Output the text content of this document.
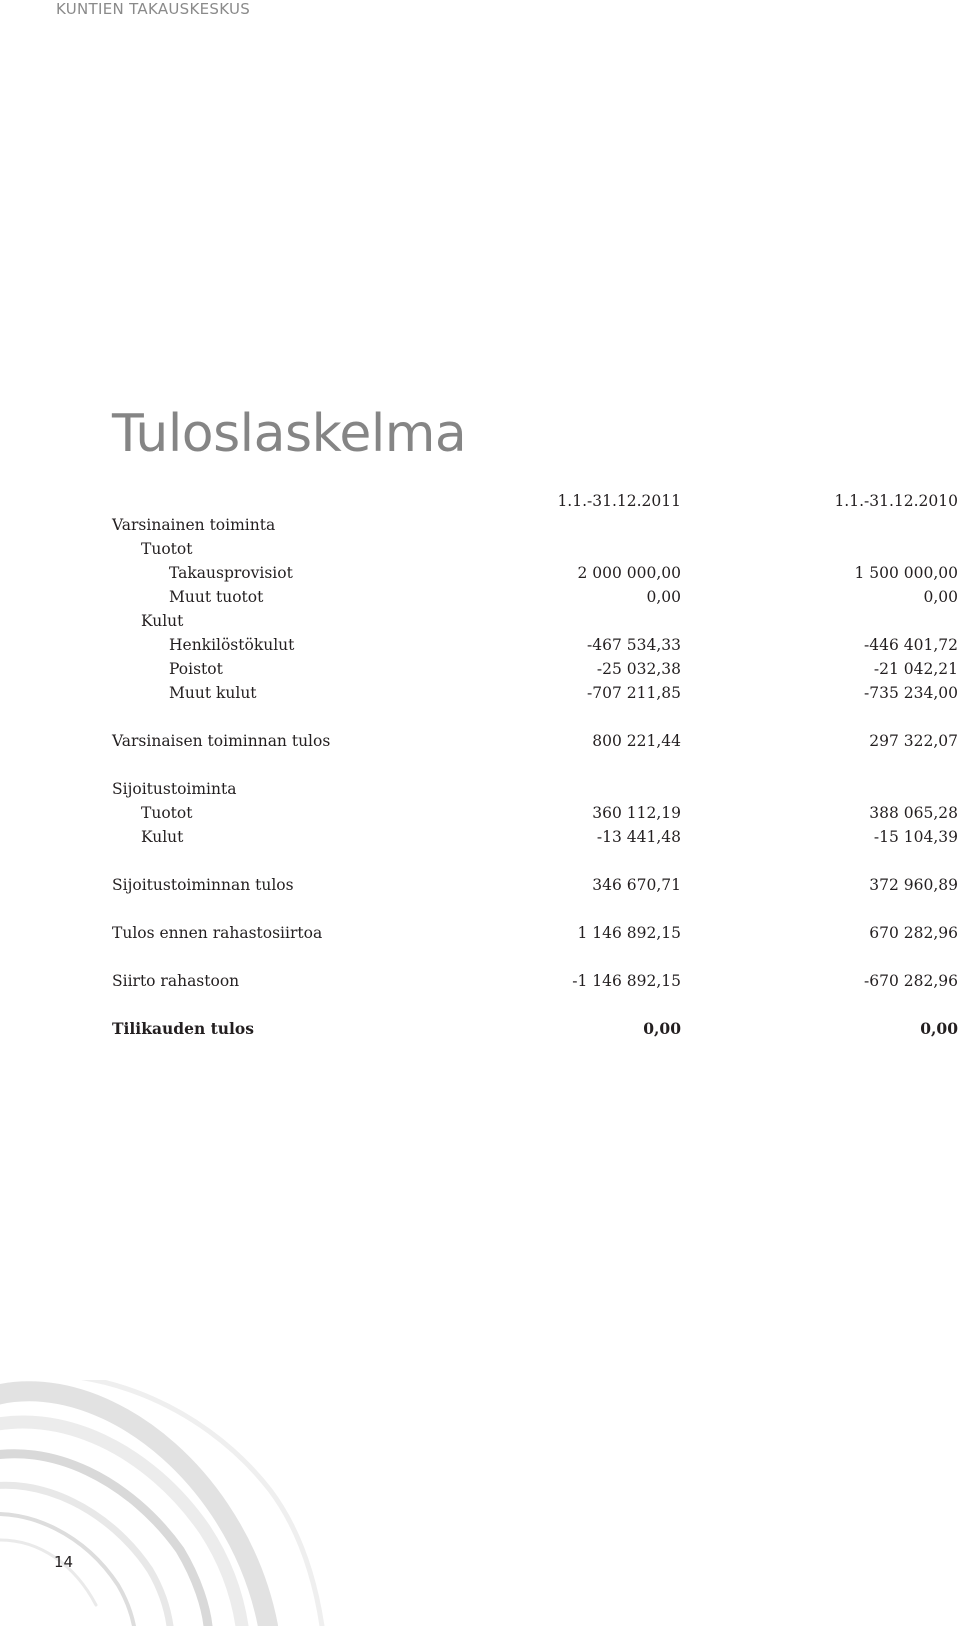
KUNTIEN TAKAUSKESKUS
Tuloslaskelma
1.1.-31.12.2011	1.1.-31.12.2010
Varsinainen toiminta
Tuotot
Takausprovisiot	2 000 000,00	1 500 000,00
Muut tuotot	0,00	0,00
Kulut
Henkilöstökulut	-467 534,33	-446 401,72
Poistot	-25 032,38	-21 042,21
Muut kulut	-707 211,85	-735 234,00
Varsinaisen toiminnan tulos	800 221,44	297 322,07
Sijoitustoiminta
Tuotot	360 112,19	388 065,28
Kulut	-13 441,48	-15 104,39
Sijoitustoiminnan tulos	346 670,71	372 960,89
Tulos ennen rahastosiirtoa	1 146 892,15	670 282,96
Siirto rahastoon	-1 146 892,15	-670 282,96
Tilikauden tulos	0,00	0,00
14
